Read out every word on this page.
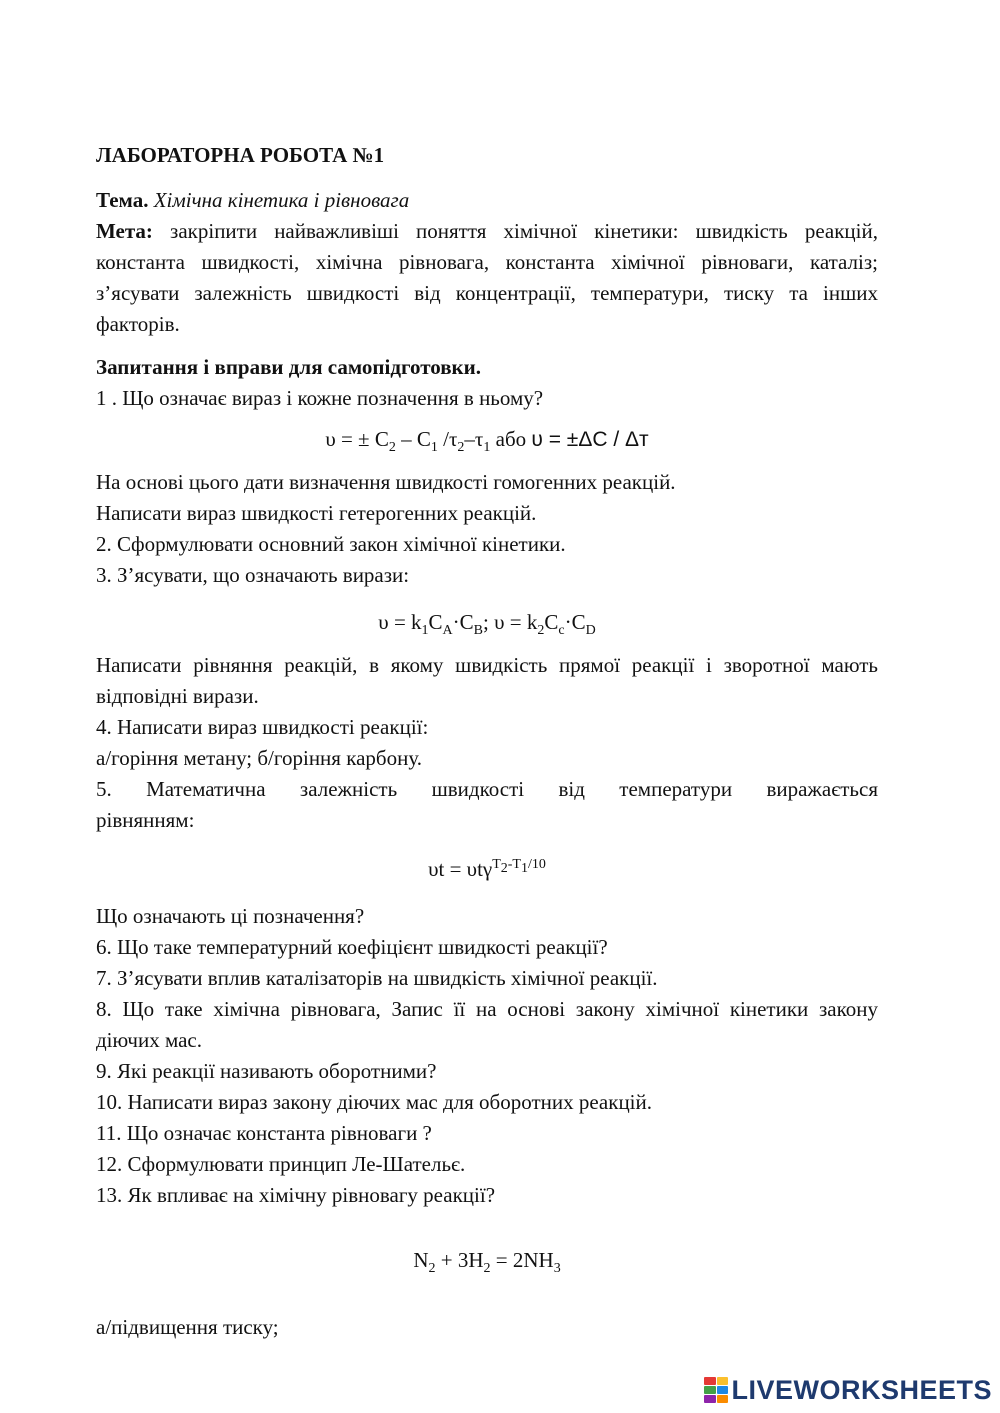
ЛАБОРАТОРНА РОБОТА №1

Тема. Хімічна кінетика і рівновага

Мета: закріпити найважливіші поняття хімічної кінетики: швидкість реакцій, константа швидкості, хімічна рівновага, константа хімічної рівноваги, каталіз; з’ясувати залежність швидкості від концентрації, температури, тиску та інших факторів.

Запитання і вправи для самопідготовки.

1 . Що означає вираз і кожне позначення в ньому?

υ = ± $C_2 - C_1$ $/\tau_2-\tau_1$ або υ = ±ΔC / Δт

На основі цього дати визначення швидкості гомогенних реакцій.

Написати вираз швидкості гетерогенних реакцій.

2. Сформулювати основний закон хімічної кінетики.

3. З’ясувати, що означають вирази:

$\upsilon = k_1C_A\cdot C_B$; $\upsilon = k_2C_c\cdot C_D$

Написати рівняння реакцій, в якому швидкість прямої реакції і зворотної мають відповідні вирази.

4. Написати вираз швидкості реакції:

а/горіння метану; б/горіння карбону.

5. Математична залежність швидкості від температури виражається

рівнянням:

υt = υtγ$^{T_2-T_1/10}$

Що означають ці позначення?

6. Що таке температурний коефіцієнт швидкості реакції?

7. З’ясувати вплив каталізаторів на швидкість хімічної реакції.

8. Що таке хімічна рівновага, Запис її на основі закону хімічної кінетики закону діючих мас.

9. Які реакції називають оборотними?

10. Написати вираз закону діючих мас для оборотних реакцій.

11. Що означає константа рівноваги ?

12. Сформулювати принцип Ле-Шательє.

13. Як впливає на хімічну рівновагу реакції?

$N_2 + 3H_2 = 2NH_3$

а/підвищення тиску;

LIVEWORKSHEETS
